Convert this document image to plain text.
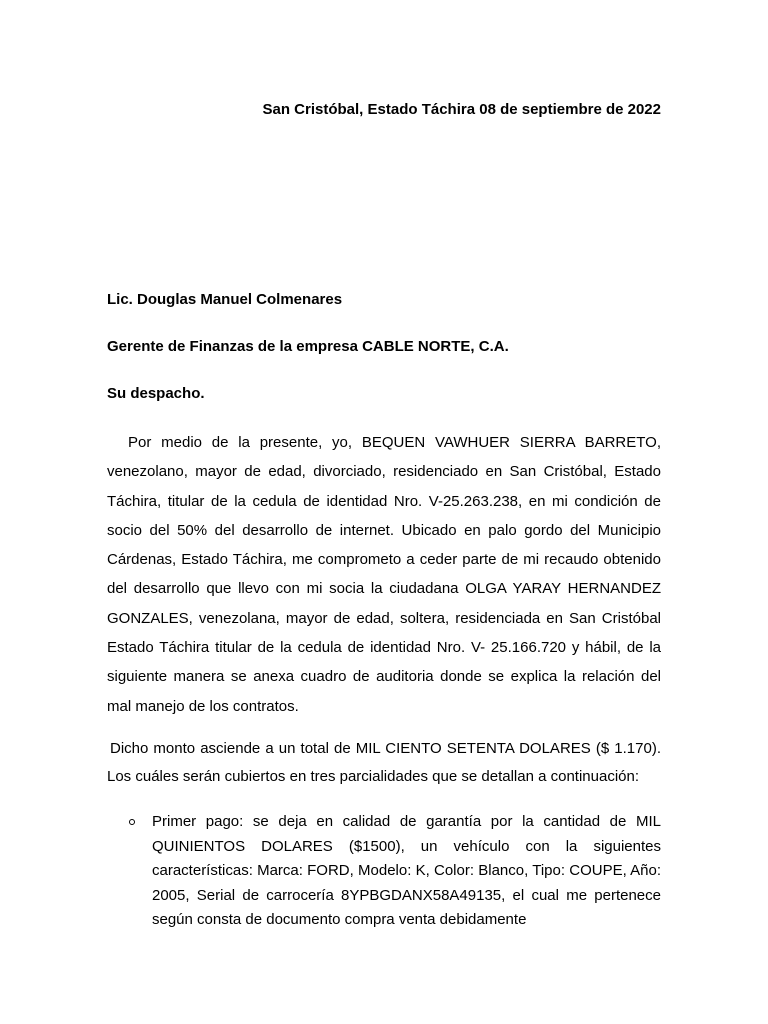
San Cristóbal, Estado Táchira 08 de septiembre de 2022
Lic. Douglas Manuel Colmenares
Gerente de Finanzas de la empresa CABLE NORTE, C.A.
Su despacho.

Por medio de la presente, yo, BEQUEN VAWHUER SIERRA BARRETO, venezolano, mayor de edad, divorciado, residenciado en San Cristóbal, Estado Táchira, titular de la cedula de identidad Nro. V-25.263.238, en mi condición de socio del 50% del desarrollo de internet. Ubicado en palo gordo del Municipio Cárdenas, Estado Táchira, me comprometo a ceder parte de mi recaudo obtenido del desarrollo que llevo con mi socia la ciudadana OLGA YARAY HERNANDEZ GONZALES, venezolana, mayor de edad, soltera, residenciada en San Cristóbal Estado Táchira titular de la cedula de identidad Nro. V- 25.166.720 y hábil, de la siguiente manera se anexa cuadro de auditoria donde se explica la relación del mal manejo de los contratos.

Dicho monto asciende a un total de MIL CIENTO SETENTA DOLARES ($ 1.170). Los cuáles serán cubiertos en tres parcialidades que se detallan a continuación:

Primer pago: se deja en calidad de garantía por la cantidad de MIL QUINIENTOS DOLARES ($1500), un vehículo con la siguientes características: Marca: FORD, Modelo: K, Color: Blanco, Tipo: COUPE, Año: 2005, Serial de carrocería 8YPBGDANX58A49135, el cual me pertenece según consta de documento compra venta debidamente
